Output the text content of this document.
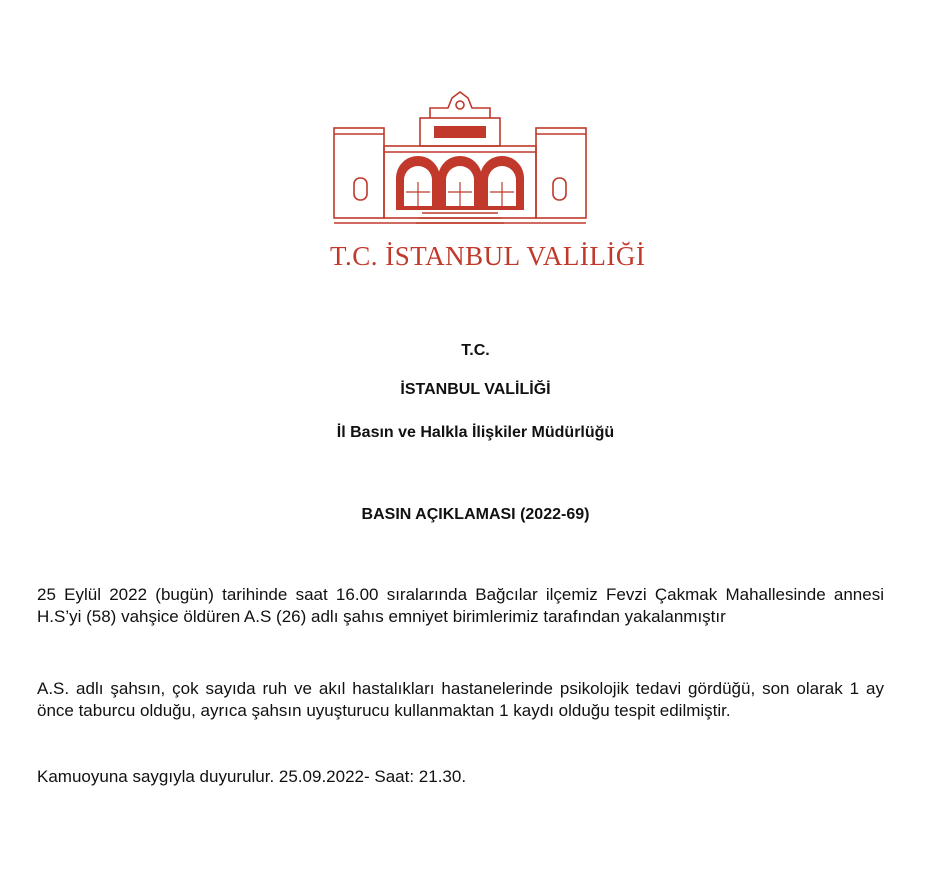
T.C. İSTANBUL VALİLİĞİ

T.C.

İSTANBUL VALİLİĞİ

İl Basın ve Halkla İlişkiler Müdürlüğü

BASIN AÇIKLAMASI (2022-69)

25 Eylül 2022 (bugün) tarihinde saat 16.00 sıralarında Bağcılar ilçemiz Fevzi Çakmak Mahallesinde annesi H.S’yi (58) vahşice öldüren A.S (26) adlı şahıs emniyet birimlerimiz tarafından yakalanmıştır

A.S. adlı şahsın, çok sayıda ruh ve akıl hastalıkları hastanelerinde psikolojik tedavi gördüğü, son olarak 1 ay önce taburcu olduğu, ayrıca şahsın uyuşturucu kullanmaktan 1 kaydı olduğu tespit edilmiştir.

Kamuoyuna saygıyla duyurulur. 25.09.2022- Saat: 21.30.
